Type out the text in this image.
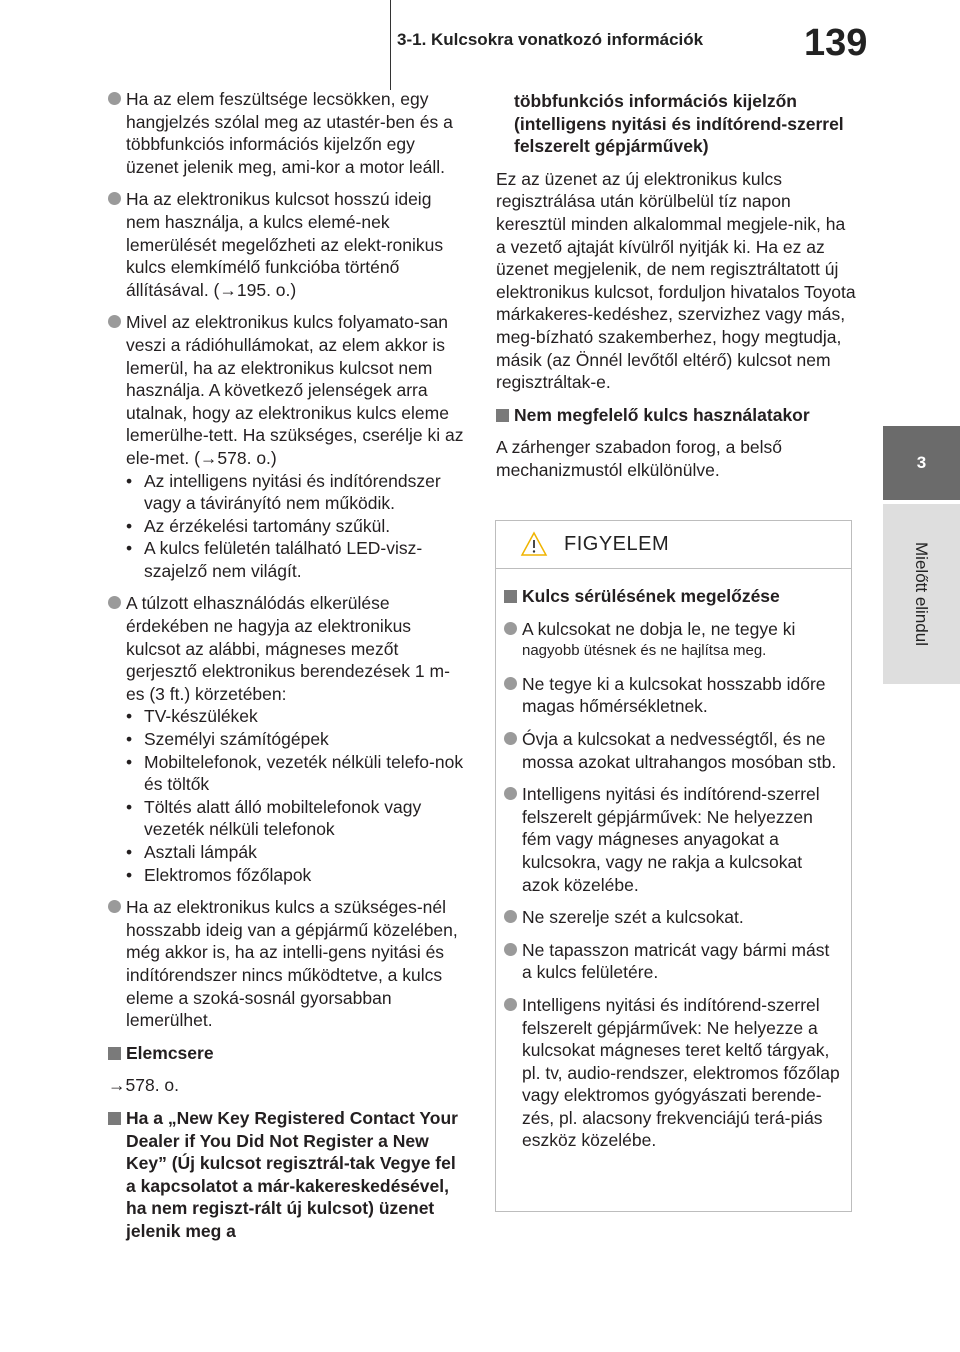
3-1. Kulcsokra vonatkozó információk	139
3
Mielőtt elindul

Ha az elem feszültsége lecsökken, egy hangjelzés szólal meg az utastér-ben és a többfunkciós információs kijelzőn egy üzenet jelenik meg, ami-kor a motor leáll.

Ha az elektronikus kulcsot hosszú ideig nem használja, a kulcs elemé-nek lemerülését megelőzheti az elekt-ronikus kulcs elemkímélő funkcióba történő állításával. (→195. o.)

Mivel az elektronikus kulcs folyamato-san veszi a rádióhullámokat, az elem akkor is lemerül, ha az elektronikus kulcsot nem használja. A következő jelenségek arra utalnak, hogy az elektronikus kulcs eleme lemerülhe-tett. Ha szükséges, cserélje ki az ele-met. (→578. o.)

• Az intelligens nyitási és indítórendszer vagy a távirányító nem működik.
• Az érzékelési tartomány szűkül.
• A kulcs felületén található LED-visz-szajelző nem világít.

A túlzott elhasználódás elkerülése érdekében ne hagyja az elektronikus kulcsot az alábbi, mágneses mezőt gerjesztő elektronikus berendezések 1 m-es (3 ft.) körzetében:

• TV-készülékek
• Személyi számítógépek
• Mobiltelefonok, vezeték nélküli telefo-nok és töltők
• Töltés alatt álló mobiltelefonok vagy vezeték nélküli telefonok
• Asztali lámpák
• Elektromos főzőlapok

Ha az elektronikus kulcs a szükséges-nél hosszabb ideig van a gépjármű közelében, még akkor is, ha az intelli-gens nyitási és indítórendszer nincs működtetve, a kulcs eleme a szoká-sosnál gyorsabban lemerülhet.

Elemcsere
→578. o.
Ha a „New Key Registered Contact Your Dealer if You Did Not Register a New Key” (Új kulcsot regisztrál-tak Vegye fel a kapcsolatot a már-kakereskedésével, ha nem regiszt-rált új kulcsot) üzenet jelenik meg a
többfunkciós információs kijelzőn (intelligens nyitási és indítórend-szerrel felszerelt gépjárművek)
Ez az üzenet az új elektronikus kulcs regisztrálása után körülbelül tíz napon keresztül minden alkalommal megjele-nik, ha a vezető ajtaját kívülről nyitják ki. Ha ez az üzenet megjelenik, de nem regisztráltatott új elektronikus kulcsot, forduljon hivatalos Toyota márkakeres-kedéshez, szervizhez vagy más, meg-bízható szakemberhez, hogy megtudja, másik (az Önnél levőtől eltérő) kulcsot nem regisztráltak-e.
Nem megfelelő kulcs használatakor
A zárhenger szabadon forog, a belső mechanizmustól elkülönülve.
FIGYELEM
Kulcs sérülésének megelőzése

A kulcsokat ne dobja le, ne tegye ki

nagyobb ütésnek és ne hajlítsa meg.

Ne tegye ki a kulcsokat hosszabb időre magas hőmérsékletnek.

Óvja a kulcsokat a nedvességtől, és ne mossa azokat ultrahangos mosóban stb.

Intelligens nyitási és indítórend-szerrel felszerelt gépjárművek: Ne helyezzen fém vagy mágneses anyagokat a kulcsokra, vagy ne rakja a kulcsokat azok közelébe.

Ne szerelje szét a kulcsokat.

Ne tapasszon matricát vagy bármi mást a kulcs felületére.

Intelligens nyitási és indítórend-szerrel felszerelt gépjárművek: Ne helyezze a kulcsokat mágneses teret keltő tárgyak, pl. tv, audio-rendszer, elektromos főzőlap vagy elektromos gyógyászati berende-zés, pl. alacsony frekvenciájú terá-piás eszköz közelébe.
